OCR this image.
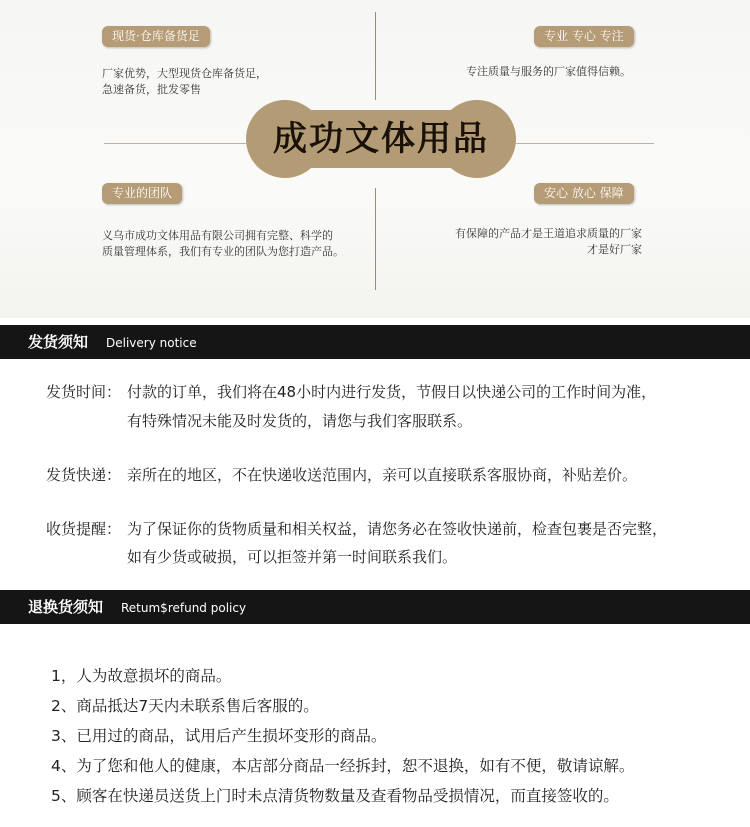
现货·仓库备货足	专业 专心 专注
专业的团队	安心 放心 保障
厂家优势，大型现货仓库备货足，
急速备货，批发零售
专注质量与服务的厂家值得信赖。
义乌市成功文体用品有限公司拥有完整、科学的
质量管理体系，我们有专业的团队为您打造产品。
有保障的产品才是王道追求质量的厂家
才是好厂家
成功文体用品
发货须知 Delivery notice
发货时间： 付款的订单，我们将在48小时内进行发货，节假日以快递公司的工作时间为准，
有特殊情况未能及时发货的，请您与我们客服联系。
发货快递： 亲所在的地区，不在快递收送范围内，亲可以直接联系客服协商，补贴差价。
收货提醒： 为了保证你的货物质量和相关权益，请您务必在签收快递前，检查包裹是否完整，
如有少货或破损，可以拒签并第一时间联系我们。
退换货须知 Retum$refund policy
1，人为故意损坏的商品。
2、商品抵达7天内未联系售后客服的。
3、已用过的商品，试用后产生损坏变形的商品。
4、为了您和他人的健康，本店部分商品一经拆封，恕不退换，如有不便，敬请谅解。
5、顾客在快递员送货上门时未点清货物数量及查看物品受损情况，而直接签收的。
